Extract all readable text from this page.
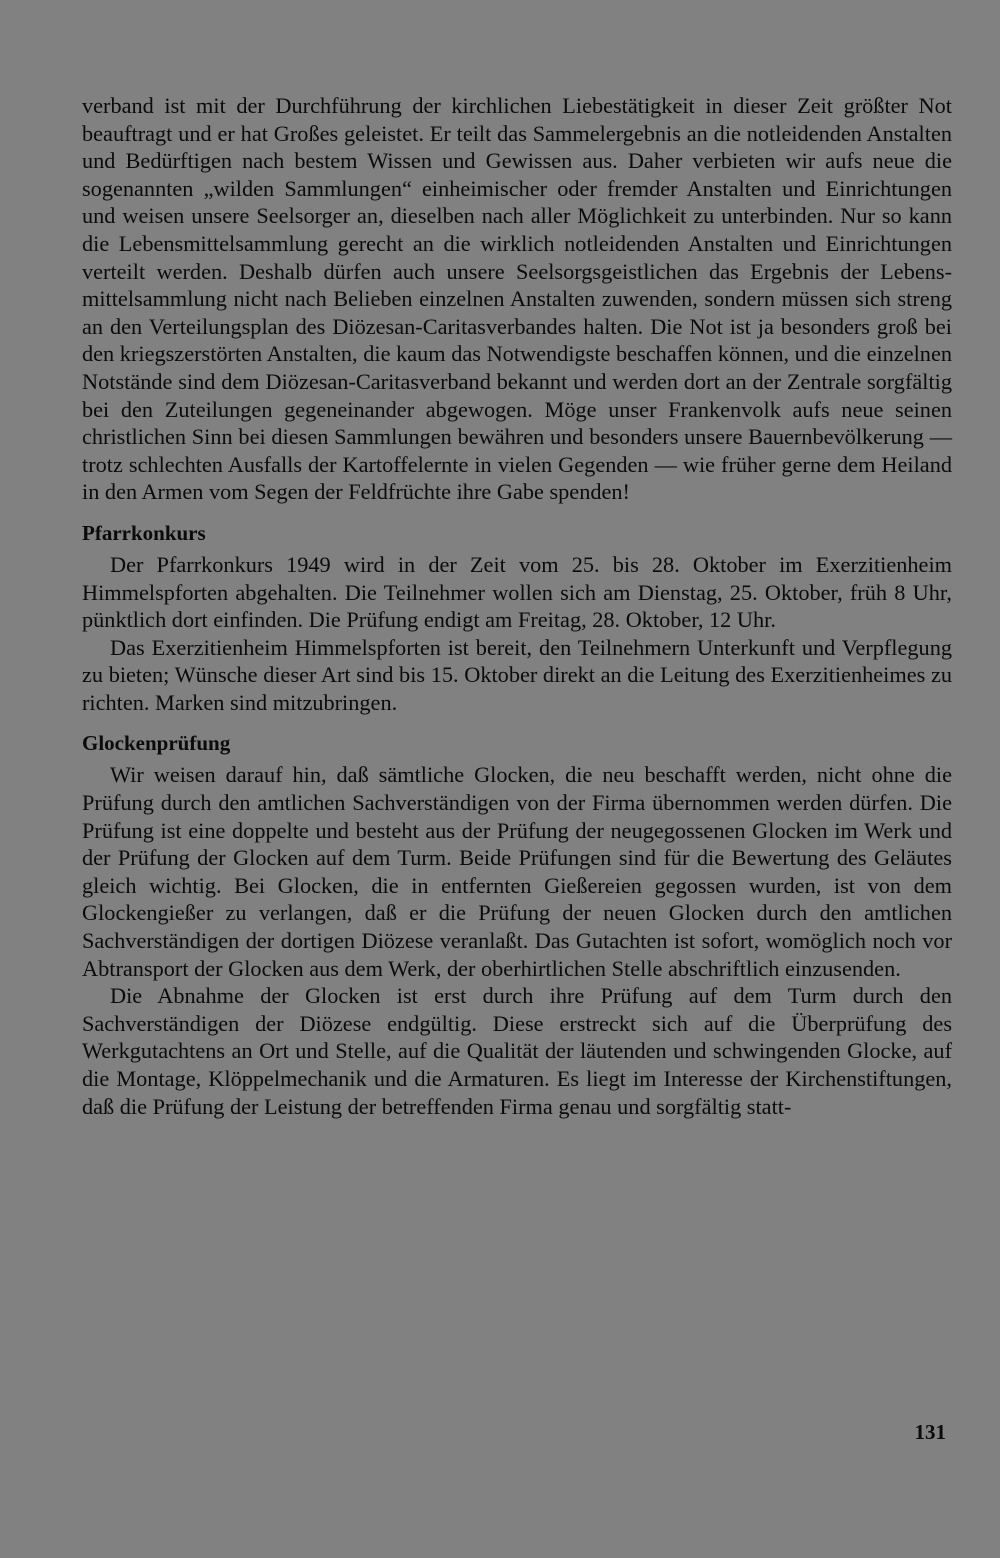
verband ist mit der Durchführung der kirchlichen Liebestätigkeit in dieser Zeit größter Not beauftragt und er hat Großes geleistet. Er teilt das Sammelergebnis an die notleidenden Anstalten und Bedürftigen nach bestem Wissen und Gewissen aus. Daher verbieten wir aufs neue die sogenannten „wilden Sammlungen“ einheimischer oder fremder Anstalten und Einrichtungen und weisen unsere Seelsorger an, dieselben nach aller Möglichkeit zu unterbinden. Nur so kann die Lebensmittelsammlung gerecht an die wirklich notleidenden Anstalten und Einrichtungen verteilt werden. Deshalb dürfen auch unsere Seelsorgsgeistlichen das Ergebnis der Lebensmittelsammlung nicht nach Belieben einzelnen Anstalten zuwenden, sondern müssen sich streng an den Verteilungsplan des Diözesan-Caritasverbandes halten. Die Not ist ja besonders groß bei den kriegszerstörten Anstalten, die kaum das Notwendigste beschaffen können, und die einzelnen Notstände sind dem Diözesan-Caritasverband bekannt und werden dort an der Zentrale sorgfältig bei den Zuteilungen gegeneinander abgewogen. Möge unser Frankenvolk aufs neue seinen christlichen Sinn bei diesen Sammlungen bewähren und besonders unsere Bauernbevölkerung — trotz schlechten Ausfalls der Kartoffelernte in vielen Gegenden — wie früher gerne dem Heiland in den Armen vom Segen der Feldfrüchte ihre Gabe spenden!

Pfarrkonkurs

Der Pfarrkonkurs 1949 wird in der Zeit vom 25. bis 28. Oktober im Exerzitienheim Himmelspforten abgehalten. Die Teilnehmer wollen sich am Dienstag, 25. Oktober, früh 8 Uhr, pünktlich dort einfinden. Die Prüfung endigt am Freitag, 28. Oktober, 12 Uhr.

Das Exerzitienheim Himmelspforten ist bereit, den Teilnehmern Unterkunft und Verpflegung zu bieten; Wünsche dieser Art sind bis 15. Oktober direkt an die Leitung des Exerzitienheimes zu richten. Marken sind mitzubringen.

Glockenprüfung

Wir weisen darauf hin, daß sämtliche Glocken, die neu beschafft werden, nicht ohne die Prüfung durch den amtlichen Sachverständigen von der Firma übernommen werden dürfen. Die Prüfung ist eine doppelte und besteht aus der Prüfung der neugegossenen Glocken im Werk und der Prüfung der Glocken auf dem Turm. Beide Prüfungen sind für die Bewertung des Geläutes gleich wichtig. Bei Glocken, die in entfernten Gießereien gegossen wurden, ist von dem Glockengießer zu verlangen, daß er die Prüfung der neuen Glocken durch den amtlichen Sachverständigen der dortigen Diözese veranlaßt. Das Gutachten ist sofort, womöglich noch vor Abtransport der Glocken aus dem Werk, der oberhirtlichen Stelle abschriftlich einzusenden.

Die Abnahme der Glocken ist erst durch ihre Prüfung auf dem Turm durch den Sachverständigen der Diözese endgültig. Diese erstreckt sich auf die Überprüfung des Werkgutachtens an Ort und Stelle, auf die Qualität der läutenden und schwingenden Glocke, auf die Montage, Klöppelmechanik und die Armaturen. Es liegt im Interesse der Kirchenstiftungen, daß die Prüfung der Leistung der betreffenden Firma genau und sorgfältig statt-

131
